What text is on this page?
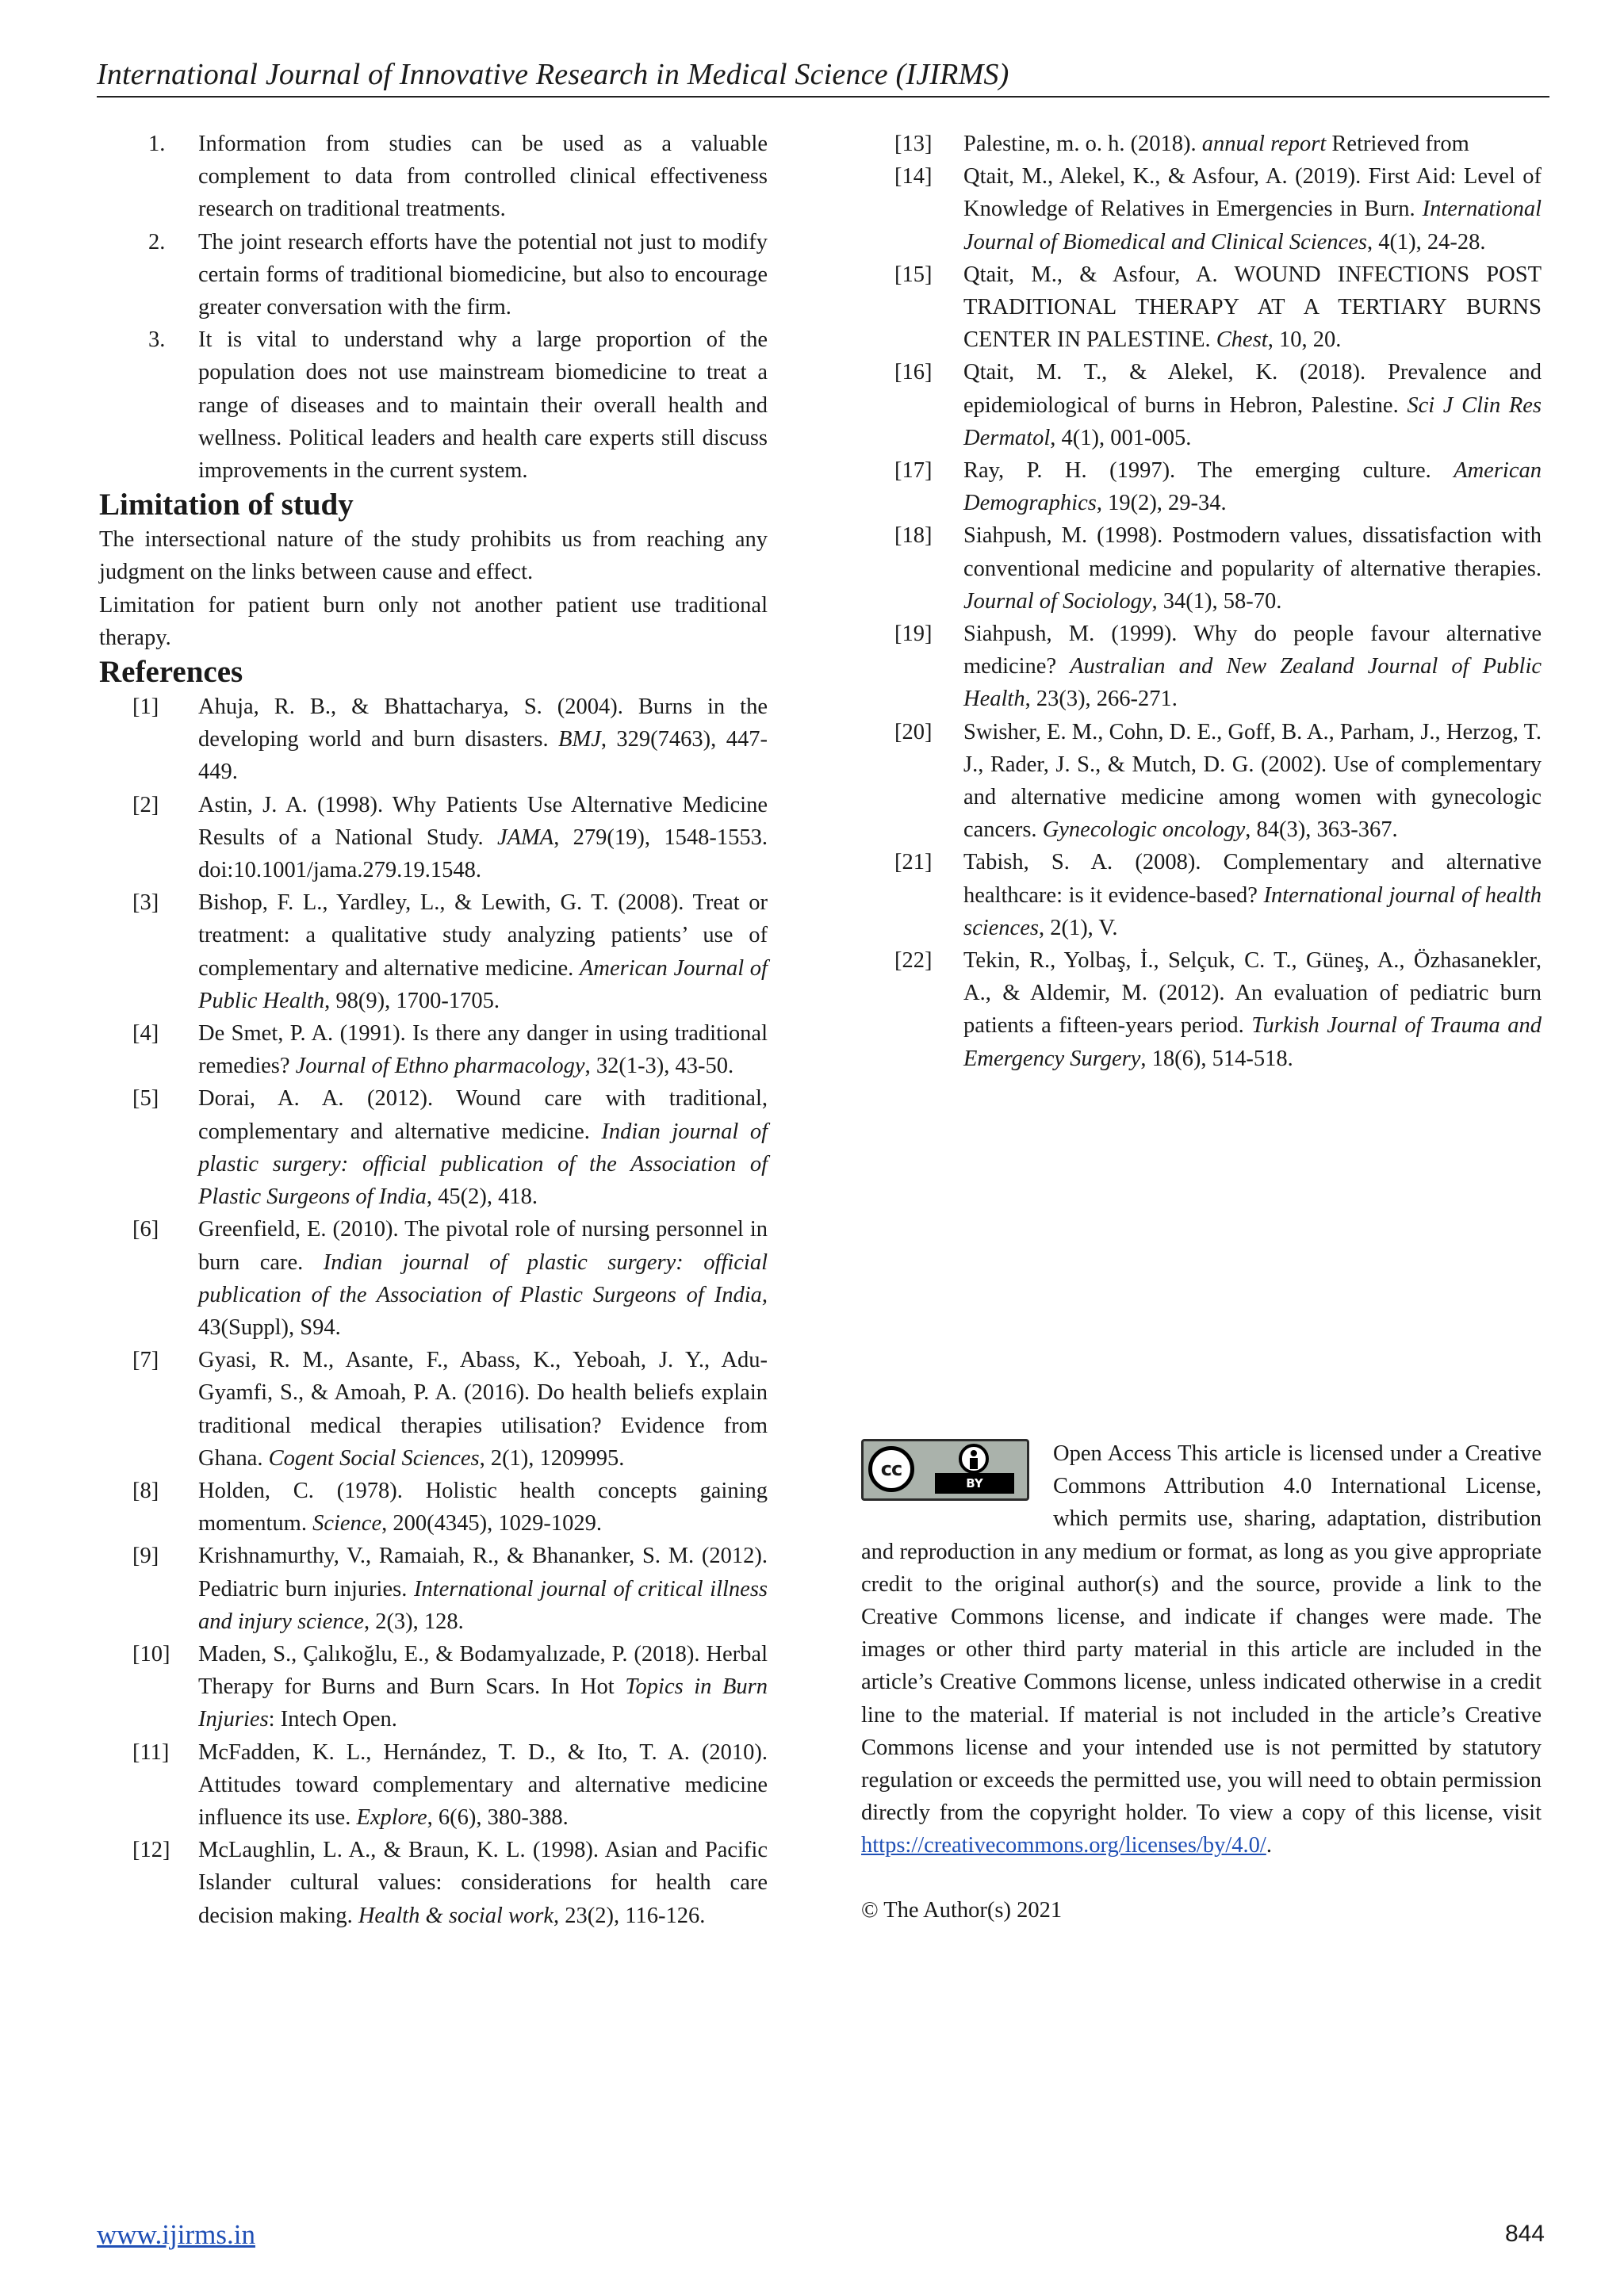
International Journal of Innovative Research in Medical Science (IJIRMS)
1. Information from studies can be used as a valuable complement to data from controlled clinical effectiveness research on traditional treatments.
2. The joint research efforts have the potential not just to modify certain forms of traditional biomedicine, but also to encourage greater conversation with the firm.
3. It is vital to understand why a large proportion of the population does not use mainstream biomedicine to treat a range of diseases and to maintain their overall health and wellness. Political leaders and health care experts still discuss improvements in the current system.
Limitation of study

The intersectional nature of the study prohibits us from reaching any judgment on the links between cause and effect.

Limitation for patient burn only not another patient use traditional therapy.

References
[1] Ahuja, R. B., & Bhattacharya, S. (2004). Burns in the developing world and burn disasters. BMJ, 329(7463), 447-449.
[2] Astin, J. A. (1998). Why Patients Use Alternative Medicine Results of a National Study. JAMA, 279(19), 1548-1553. doi:10.1001/jama.279.19.1548.
[3] Bishop, F. L., Yardley, L., & Lewith, G. T. (2008). Treat or treatment: a qualitative study analyzing patients’ use of complementary and alternative medicine. American Journal of Public Health, 98(9), 1700-1705.
[4] De Smet, P. A. (1991). Is there any danger in using traditional remedies? Journal of Ethno pharmacology, 32(1-3), 43-50.
[5] Dorai, A. A. (2012). Wound care with traditional, complementary and alternative medicine. Indian journal of plastic surgery: official publication of the Association of Plastic Surgeons of India, 45(2), 418.
[6] Greenfield, E. (2010). The pivotal role of nursing personnel in burn care. Indian journal of plastic surgery: official publication of the Association of Plastic Surgeons of India, 43(Suppl), S94.
[7] Gyasi, R. M., Asante, F., Abass, K., Yeboah, J. Y., Adu-Gyamfi, S., & Amoah, P. A. (2016). Do health beliefs explain traditional medical therapies utilisation? Evidence from Ghana. Cogent Social Sciences, 2(1), 1209995.
[8] Holden, C. (1978). Holistic health concepts gaining momentum. Science, 200(4345), 1029-1029.
[9] Krishnamurthy, V., Ramaiah, R., & Bhananker, S. M. (2012). Pediatric burn injuries. International journal of critical illness and injury science, 2(3), 128.
[10] Maden, S., Çalıkoğlu, E., & Bodamyalızade, P. (2018). Herbal Therapy for Burns and Burn Scars. In Hot Topics in Burn Injuries: Intech Open.
[11] McFadden, K. L., Hernández, T. D., & Ito, T. A. (2010). Attitudes toward complementary and alternative medicine influence its use. Explore, 6(6), 380-388.
[12] McLaughlin, L. A., & Braun, K. L. (1998). Asian and Pacific Islander cultural values: considerations for health care decision making. Health & social work, 23(2), 116-126.
[13] Palestine, m. o. h. (2018). annual report Retrieved from
[14] Qtait, M., Alekel, K., & Asfour, A. (2019). First Aid: Level of Knowledge of Relatives in Emergencies in Burn. International Journal of Biomedical and Clinical Sciences, 4(1), 24-28.
[15] Qtait, M., & Asfour, A. WOUND INFECTIONS POST TRADITIONAL THERAPY AT A TERTIARY BURNS CENTER IN PALESTINE. Chest, 10, 20.
[16] Qtait, M. T., & Alekel, K. (2018). Prevalence and epidemiological of burns in Hebron, Palestine. Sci J Clin Res Dermatol, 4(1), 001-005.
[17] Ray, P. H. (1997). The emerging culture. American Demographics, 19(2), 29-34.
[18] Siahpush, M. (1998). Postmodern values, dissatisfaction with conventional medicine and popularity of alternative therapies. Journal of Sociology, 34(1), 58-70.
[19] Siahpush, M. (1999). Why do people favour alternative medicine? Australian and New Zealand Journal of Public Health, 23(3), 266-271.
[20] Swisher, E. M., Cohn, D. E., Goff, B. A., Parham, J., Herzog, T. J., Rader, J. S., & Mutch, D. G. (2002). Use of complementary and alternative medicine among women with gynecologic cancers. Gynecologic oncology, 84(3), 363-367.
[21] Tabish, S. A. (2008). Complementary and alternative healthcare: is it evidence-based? International journal of health sciences, 2(1), V.
[22] Tekin, R., Yolbaş, İ., Selçuk, C. T., Güneş, A., Özhasanekler, A., & Aldemir, M. (2012). An evaluation of pediatric burn patients a fifteen-years period. Turkish Journal of Trauma and Emergency Surgery, 18(6), 514-518.
cc
BY
Open Access This article is licensed under a Creative Commons Attribution 4.0 International License, which permits use, sharing, adaptation, distribution and reproduction in any medium or format, as long as you give appropriate credit to the original author(s) and the source, provide a link to the Creative Commons license, and indicate if changes were made. The images or other third party material in this article are included in the article’s Creative Commons license, unless indicated otherwise in a credit line to the material. If material is not included in the article’s Creative Commons license and your intended use is not permitted by statutory regulation or exceeds the permitted use, you will need to obtain permission directly from the copyright holder. To view a copy of this license, visit https://creativecommons.org/licenses/by/4.0/.

© The Author(s) 2021

www.ijirms.in	844
